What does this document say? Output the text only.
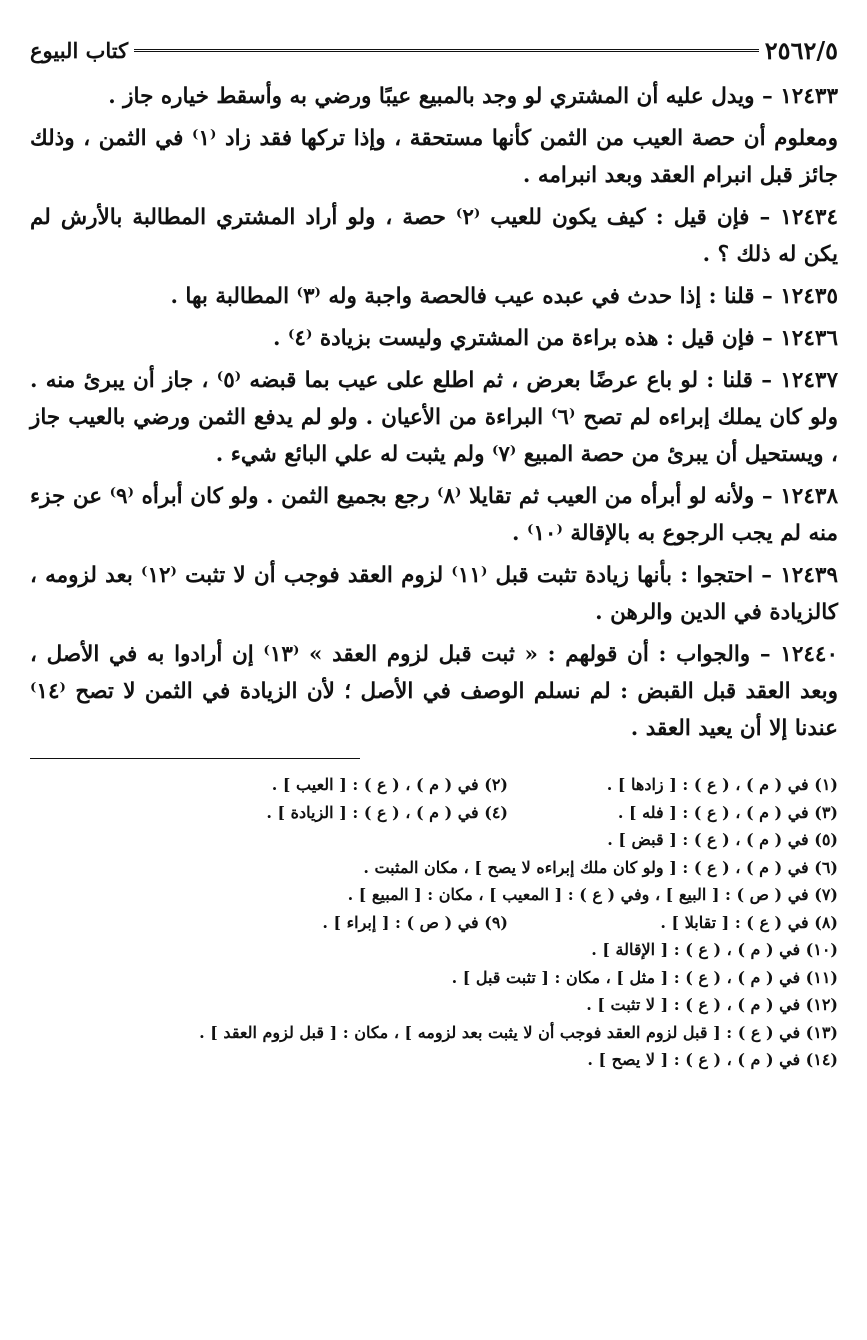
٢٥٦٢/٥
كتاب البيوع

١٢٤٣٣ – ويدل عليه أن المشتري لو وجد بالمبيع عيبًا ورضي به وأسقط خياره جاز .

ومعلوم أن حصة العيب من الثمن كأنها مستحقة ، وإذا تركها فقد زاد ⁽١⁾ في الثمن ، وذلك جائز قبل انبرام العقد وبعد انبرامه .

١٢٤٣٤ – فإن قيل : كيف يكون للعيب ⁽٢⁾ حصة ، ولو أراد المشتري المطالبة بالأرش لم يكن له ذلك ؟ .

١٢٤٣٥ – قلنا : إذا حدث في عبده عيب فالحصة واجبة وله ⁽٣⁾ المطالبة بها .

١٢٤٣٦ – فإن قيل : هذه براءة من المشتري وليست بزيادة ⁽٤⁾ .

١٢٤٣٧ – قلنا : لو باع عرضًا بعرض ، ثم اطلع على عيب بما قبضه ⁽٥⁾ ، جاز أن يبرئ منه . ولو كان يملك إبراءه لم تصح ⁽٦⁾ البراءة من الأعيان . ولو لم يدفع الثمن ورضي بالعيب جاز ، ويستحيل أن يبرئ من حصة المبيع ⁽٧⁾ ولم يثبت له علي البائع شيء .

١٢٤٣٨ – ولأنه لو أبرأه من العيب ثم تقايلا ⁽٨⁾ رجع بجميع الثمن . ولو كان أبرأه ⁽٩⁾ عن جزء منه لم يجب الرجوع به بالإقالة ⁽١٠⁾ .

١٢٤٣٩ – احتجوا : بأنها زيادة تثبت قبل ⁽١١⁾ لزوم العقد فوجب أن لا تثبت ⁽١٢⁾ بعد لزومه ، كالزيادة في الدين والرهن .

١٢٤٤٠ – والجواب : أن قولهم : « ثبت قبل لزوم العقد » ⁽١٣⁾ إن أرادوا به في الأصل ، وبعد العقد قبل القبض : لم نسلم الوصف في الأصل ؛ لأن الزيادة في الثمن لا تصح ⁽١٤⁾ عندنا إلا أن يعيد العقد .

(١) في ( م ) ، ( ع ) : [ زادها ] .
(٢) في ( م ) ، ( ع ) : [ العيب ] .
(٣) في ( م ) ، ( ع ) : [ فله ] .
(٤) في ( م ) ، ( ع ) : [ الزيادة ] .
(٥) في ( م ) ، ( ع ) : [ قبض ] .
(٦) في ( م ) ، ( ع ) : [ ولو كان ملك إبراءه لا يصح ] ، مكان المثبت .
(٧) في ( ص ) : [ البيع ] ، وفي ( ع ) : [ المعيب ] ، مكان : [ المبيع ] .
(٨) في ( ع ) : [ تقابلا ] .
(٩) في ( ص ) : [ إبراء ] .
(١٠) في ( م ) ، ( ع ) : [ الإقالة ] .
(١١) في ( م ) ، ( ع ) : [ مثل ] ، مكان : [ تثبت قبل ] .
(١٢) في ( م ) ، ( ع ) : [ لا تثبت ] .
(١٣) في ( ع ) : [ قبل لزوم العقد فوجب أن لا يثبت بعد لزومه ] ، مكان : [ قبل لزوم العقد ] .
(١٤) في ( م ) ، ( ع ) : [ لا يصح ] .
